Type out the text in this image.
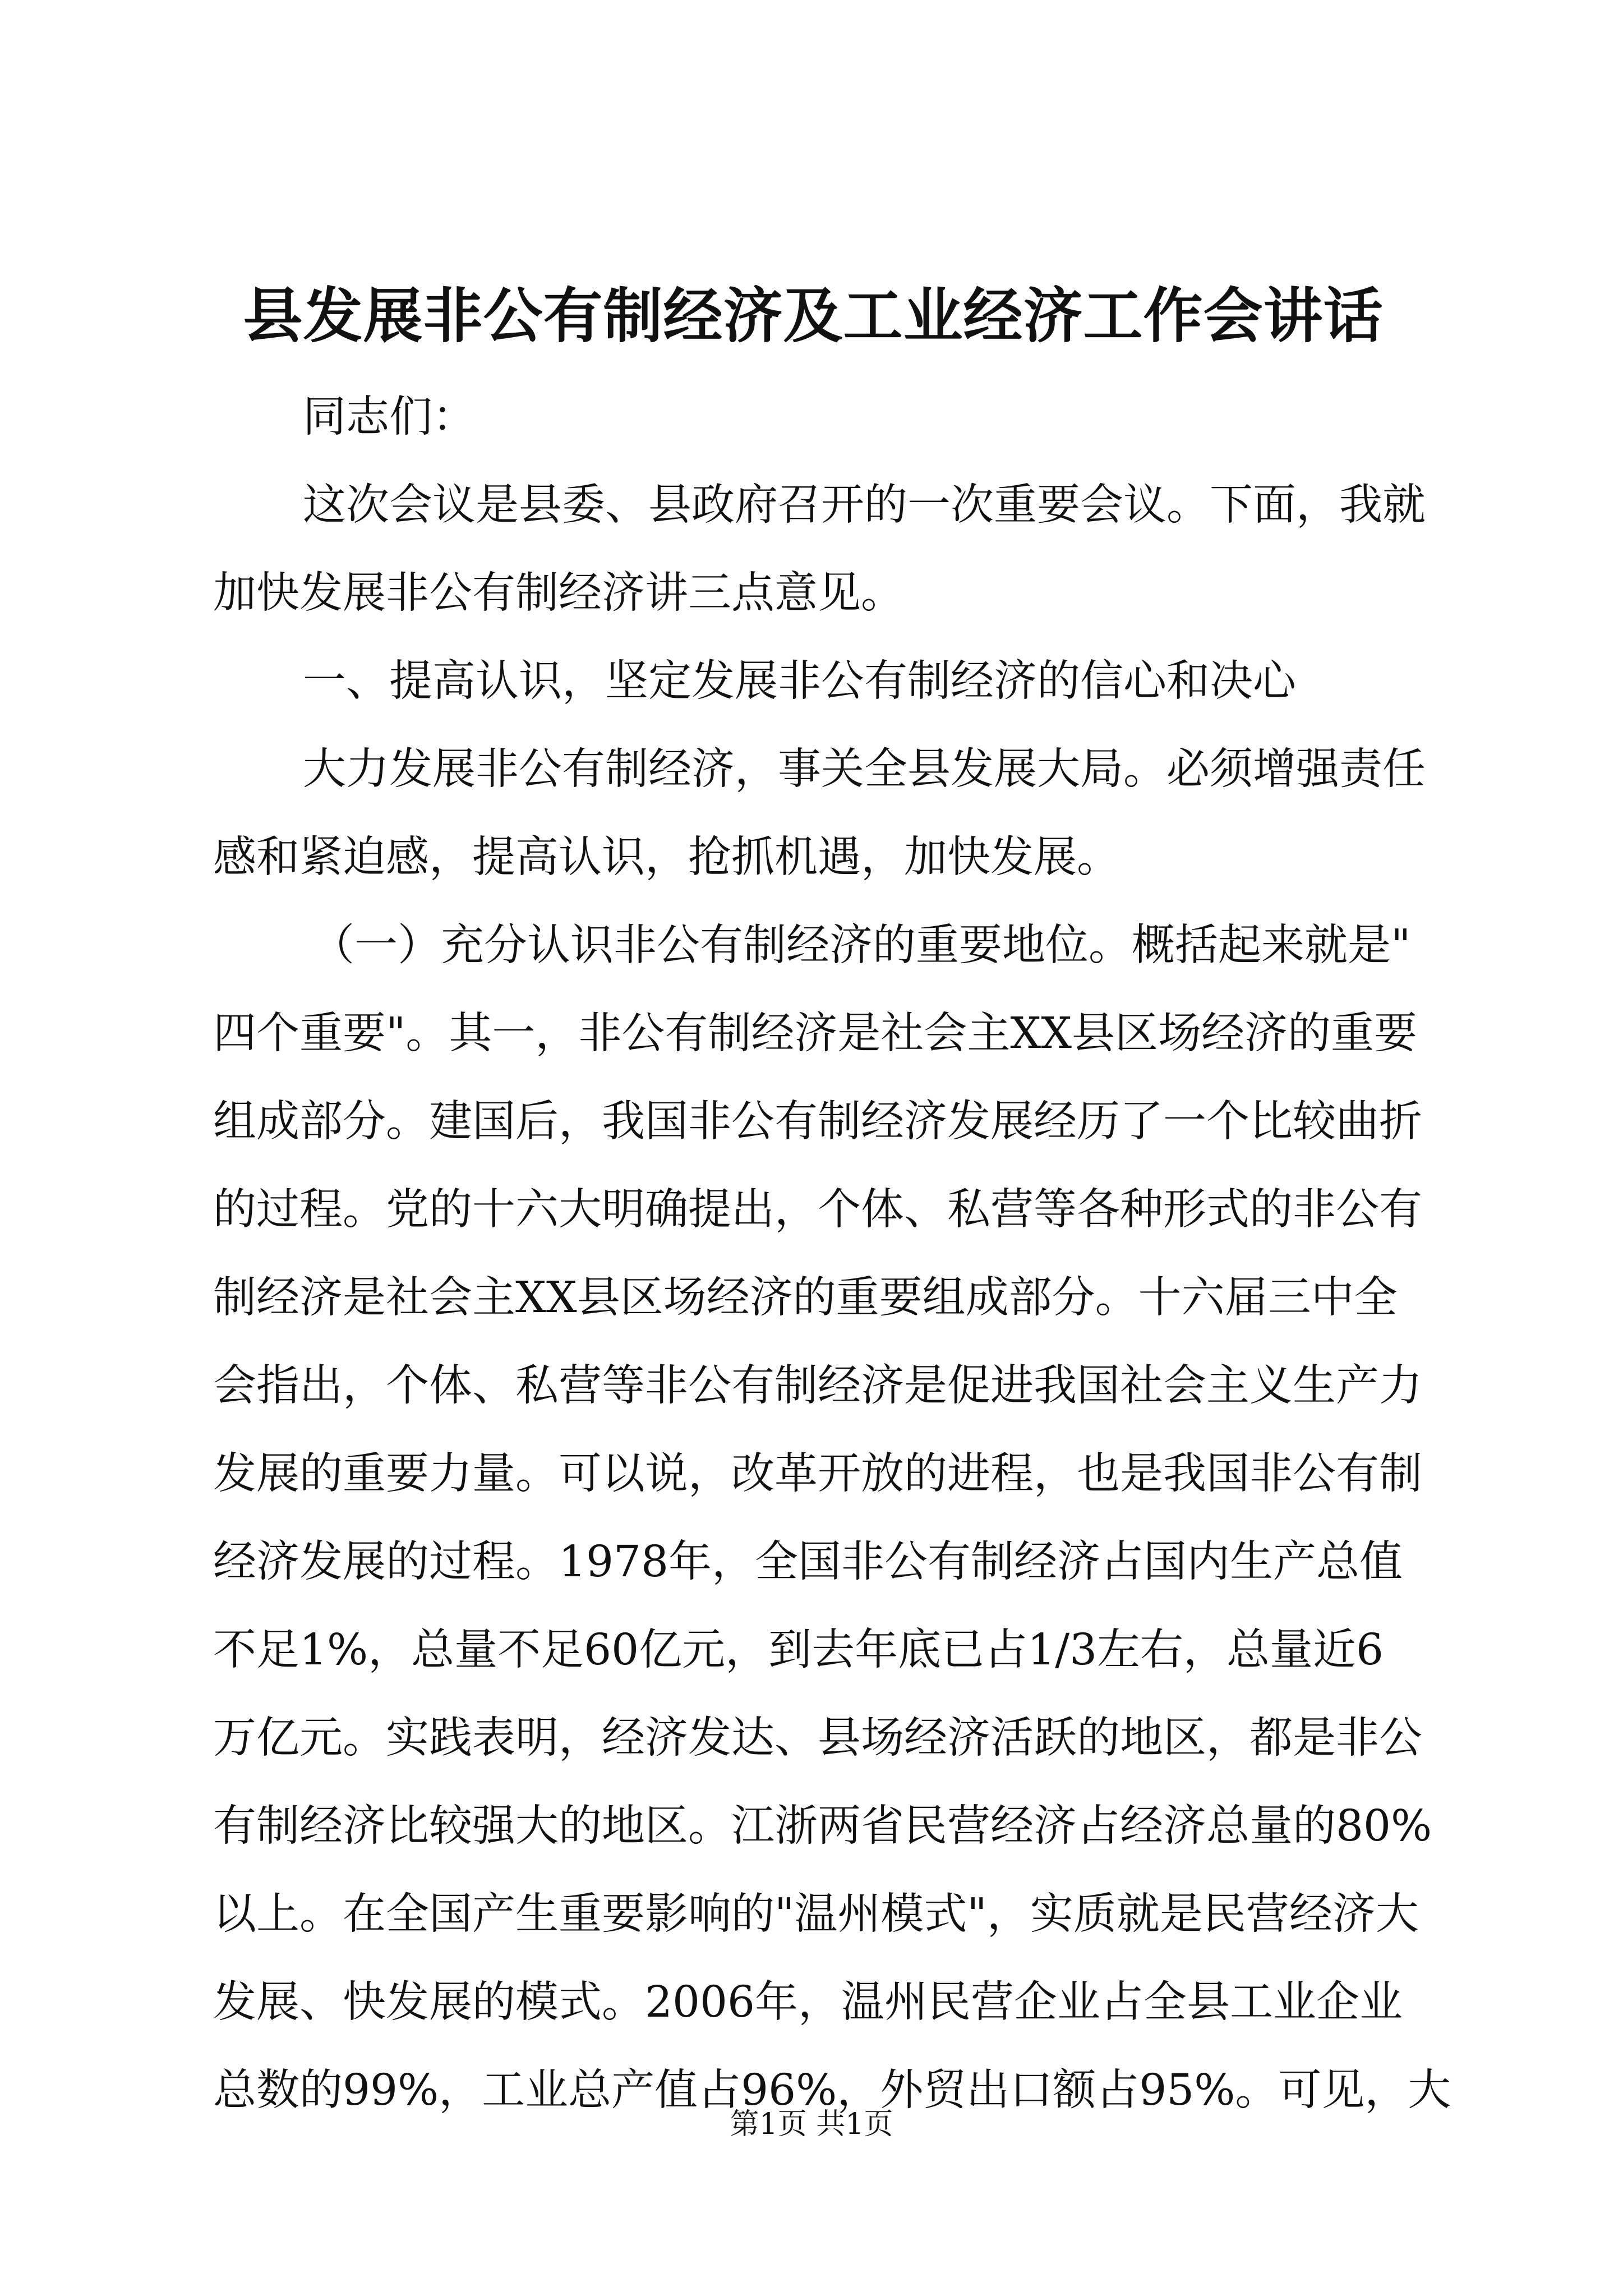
县发展非公有制经济及工业经济工作会讲话
同志们：
这次会议是县委、县政府召开的一次重要会议。下面，我就
加快发展非公有制经济讲三点意见。
一、提高认识，坚定发展非公有制经济的信心和决心
大力发展非公有制经济，事关全县发展大局。必须增强责任
感和紧迫感，提高认识，抢抓机遇，加快发展。
（一）充分认识非公有制经济的重要地位。概括起来就是"
四个重要"。其一，非公有制经济是社会主XX县区场经济的重要
组成部分。建国后，我国非公有制经济发展经历了一个比较曲折
的过程。党的十六大明确提出，个体、私营等各种形式的非公有
制经济是社会主XX县区场经济的重要组成部分。十六届三中全
会指出，个体、私营等非公有制经济是促进我国社会主义生产力
发展的重要力量。可以说，改革开放的进程，也是我国非公有制
经济发展的过程。1978年，全国非公有制经济占国内生产总值
不足1%，总量不足60亿元，到去年底已占1/3左右，总量近6
万亿元。实践表明，经济发达、县场经济活跃的地区，都是非公
有制经济比较强大的地区。江浙两省民营经济占经济总量的80%
以上。在全国产生重要影响的"温州模式"，实质就是民营经济大
发展、快发展的模式。2006年，温州民营企业占全县工业企业
总数的99%，工业总产值占96%，外贸出口额占95%。可见，大
第1页 共1页
